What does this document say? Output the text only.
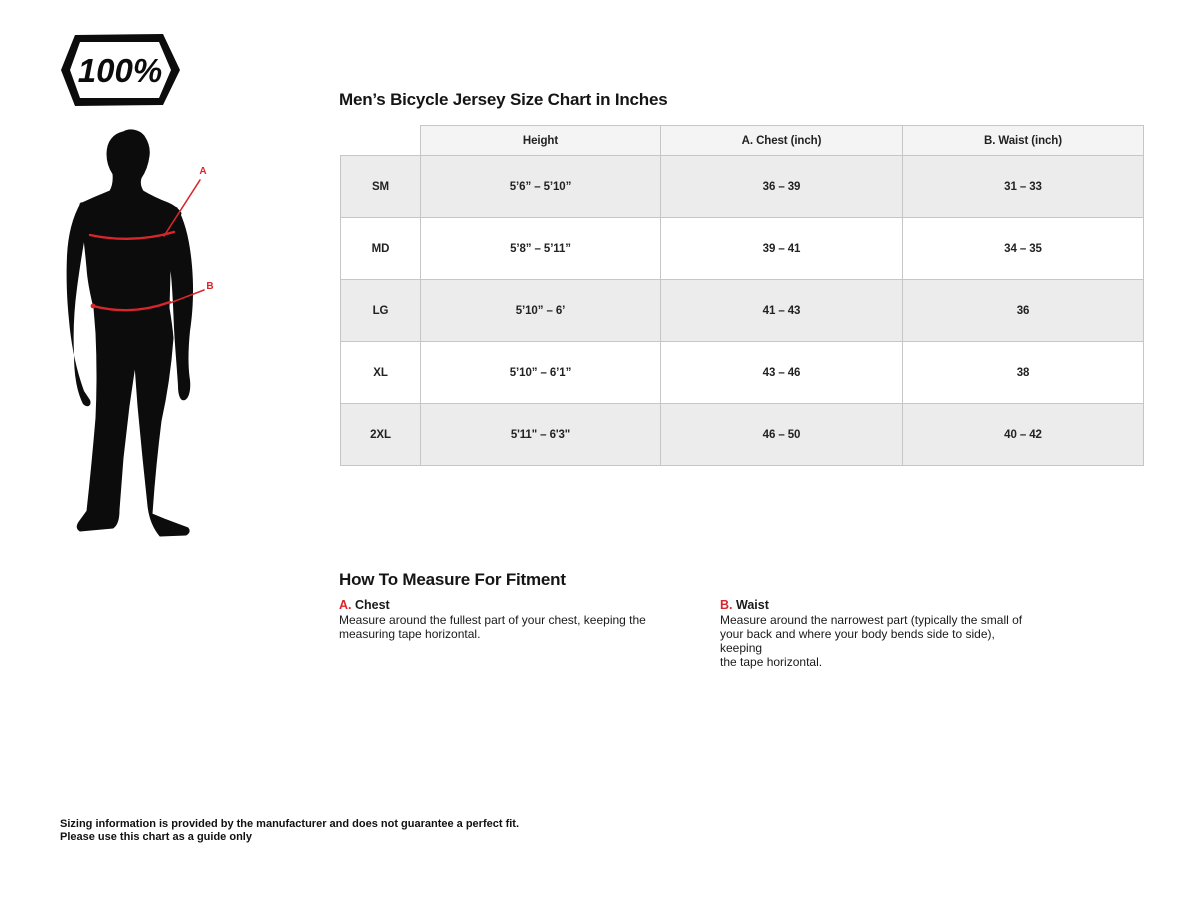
100%
A
B
Men’s Bicycle Jersey Size Chart in Inches
	Height	A. Chest (inch)	B. Waist (inch)
SM	5’6” – 5’10”	36 – 39	31 – 33
MD	5’8” – 5’11”	39 – 41	34 – 35
LG	5’10” – 6’	41 – 43	36
XL	5’10” – 6’1”	43 – 46	38
2XL	5'11" – 6'3"	46 – 50	40 – 42
How To Measure For Fitment

A. Chest

Measure around the fullest part of your chest, keeping the
measuring tape horizontal.

B. Waist

Measure around the narrowest part (typically the small of
your back and where your body bends side to side), keeping
the tape horizontal.

Sizing information is provided by the manufacturer and does not guarantee a perfect fit.
Please use this chart as a guide only
